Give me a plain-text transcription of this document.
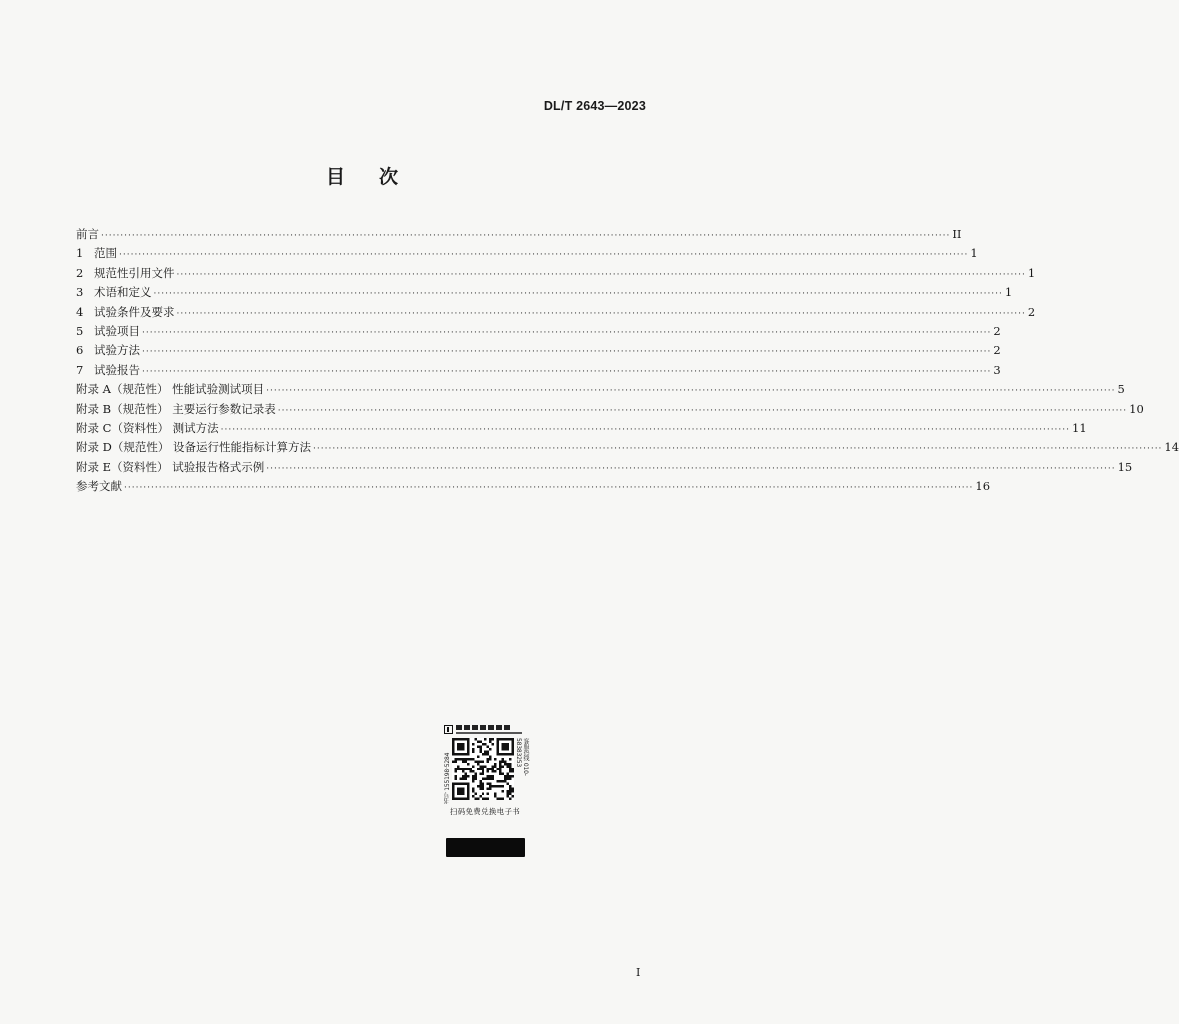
DL/T 2643—2023
目次
前言 ···························································································································································································································· II
1 范围 ···························································································································································································································· 1
2 规范性引用文件 ···························································································································································································································· 1
3 术语和定义 ···························································································································································································································· 1
4 试验条件及要求 ···························································································································································································································· 2
5 试验项目 ···························································································································································································································· 2
6 试验方法 ···························································································································································································································· 2
7 试验报告 ···························································································································································································································· 3
附录 A（规范性） 性能试验测试项目 ···························································································································································································································· 5
附录 B（规范性） 主要运行参数记录表 ···························································································································································································································· 10
附录 C（资料性） 测试方法 ···························································································································································································································· 11
附录 D（规范性） 设备运行性能指标计算方法 ···························································································································································································································· 14
附录 E（资料性） 试验报告格式示例 ···························································································································································································································· 15
参考文献 ···························································································································································································································· 16
书号 155198·5284	客服热线 010-58383253
扫码免费兑换电子书
I
